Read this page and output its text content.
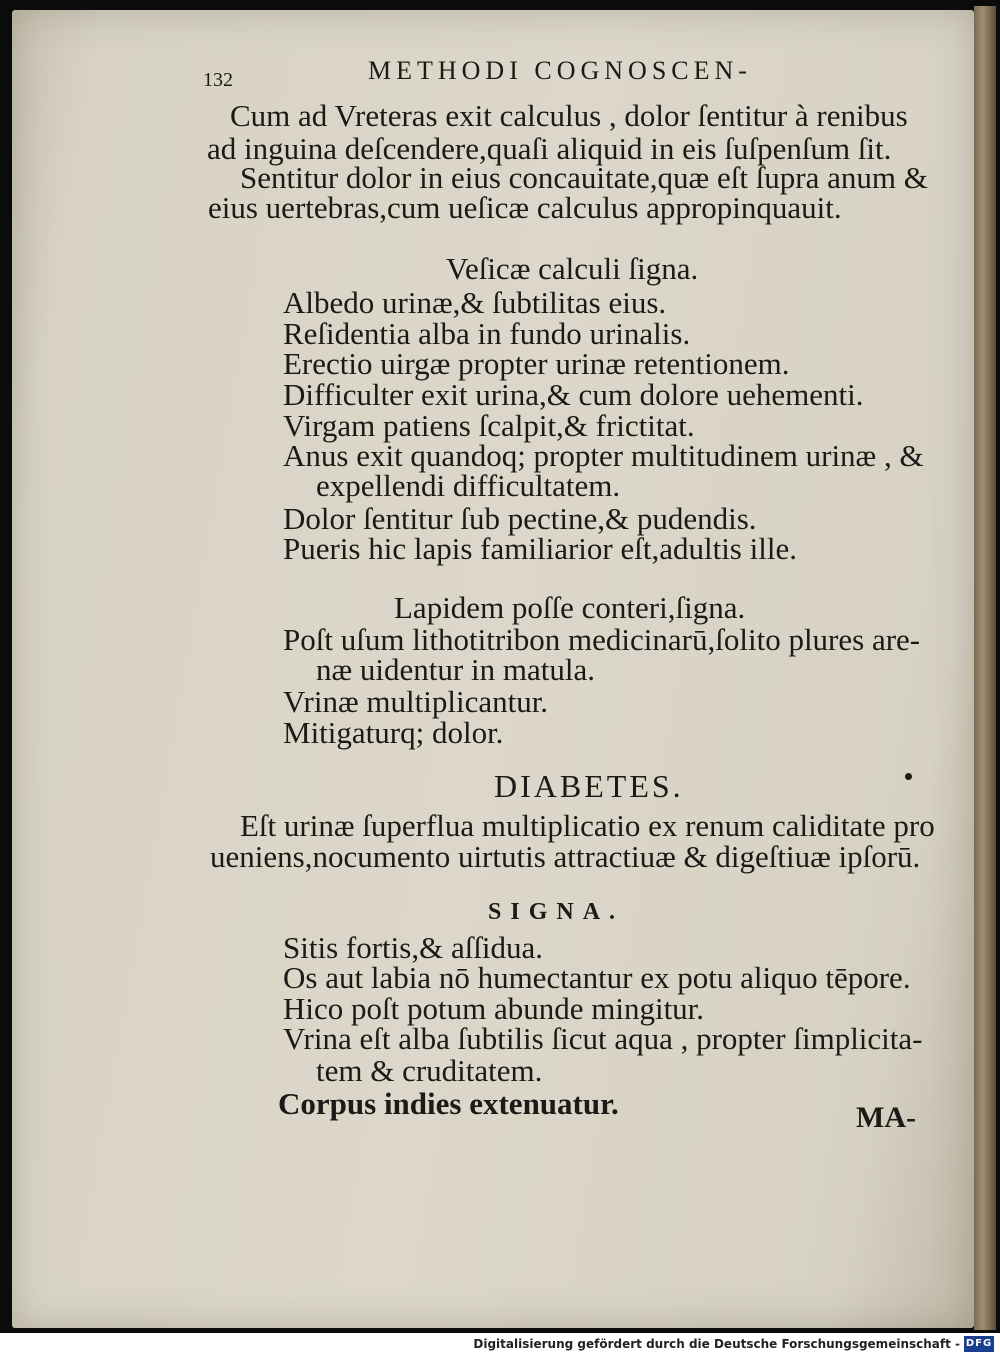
132	METHODI COGNOSCEN-

Cum ad Vreteras exit calculus , dolor ſentitur à renibus

ad inguina deſcendere,quaſi aliquid in eis ſuſpenſum ſit.

Sentitur dolor in eius concauitate,quæ eſt ſupra anum &

eius uertebras,cum ueſicæ calculus appropinquauit.

Veſicæ calculi ſigna.

Albedo urinæ,& ſubtilitas eius.

Reſidentia alba in fundo urinalis.

Erectio uirgæ propter urinæ retentionem.

Difficulter exit urina,& cum dolore uehementi.

Virgam patiens ſcalpit,& frictitat.

Anus exit quandoq; propter multitudinem urinæ , &

expellendi difficultatem.

Dolor ſentitur ſub pectine,& pudendis.

Pueris hic lapis familiarior eſt,adultis ille.

Lapidem poſſe conteri,ſigna.

Poſt uſum lithotitribon medicinarū,ſolito plures are-

næ uidentur in matula.

Vrinæ multiplicantur.

Mitigaturq; dolor.

DIABETES.

Eſt urinæ ſuperflua multiplicatio ex renum caliditate pro

ueniens,nocumento uirtutis attractiuæ & digeſtiuæ ipſorū.

SIGNA.

Sitis fortis,& aſſidua.

Os aut labia nō humectantur ex potu aliquo tēpore.

Hico poſt potum abunde mingitur.

Vrina eſt alba ſubtilis ſicut aqua , propter ſimplicita-

tem & cruditatem.

Corpus indies extenuatur.	MA-

Digitalisierung gefördert durch die Deutsche Forschungsgemeinschaft - DFG
